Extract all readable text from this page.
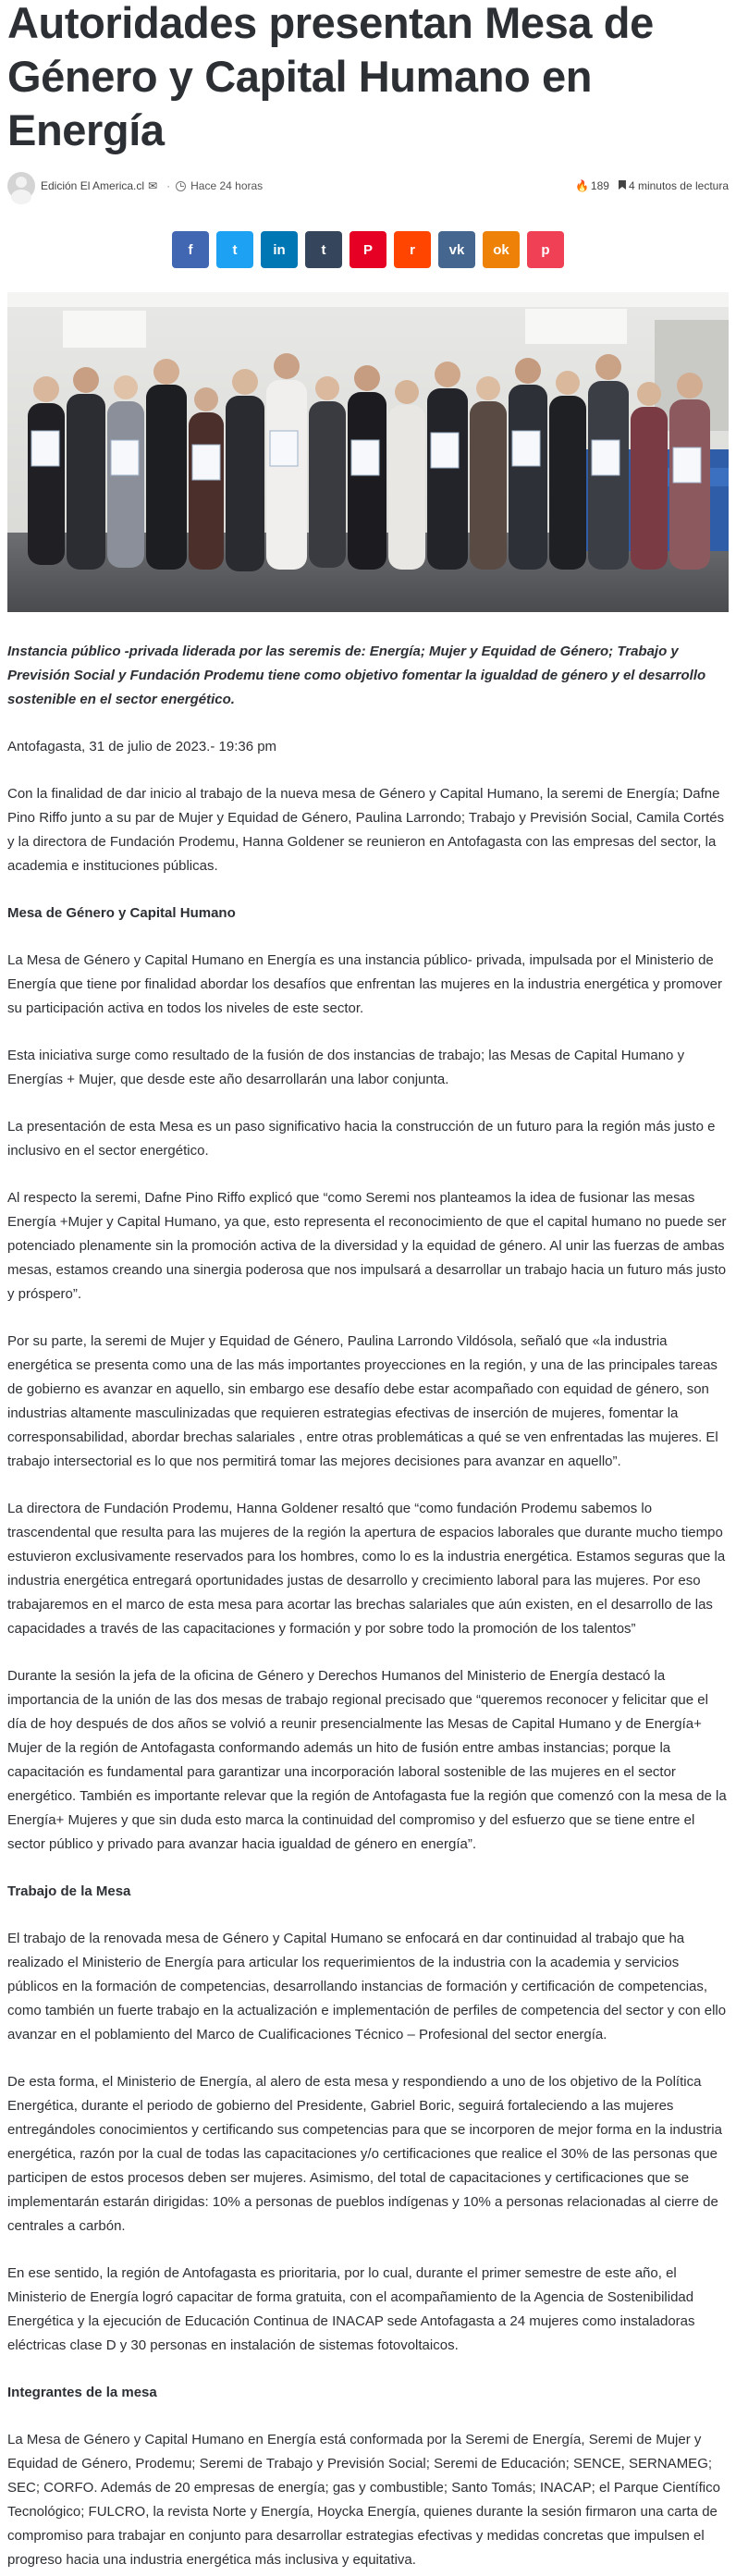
Autoridades presentan Mesa de Género y Capital Humano en Energía
Edición El America.cl ✉ · Hace 24 horas	🔥 189	4 minutos de lectura
f	t	in	t	P	r vk ok p

Instancia público -privada liderada por las seremis de: Energía; Mujer y Equidad de Género; Trabajo y Previsión Social y Fundación Prodemu tiene como objetivo fomentar la igualdad de género y el desarrollo sostenible en el sector energético.

Antofagasta, 31 de julio de 2023.- 19:36 pm

Con la finalidad de dar inicio al trabajo de la nueva mesa de Género y Capital Humano, la seremi de Energía; Dafne Pino Riffo junto a su par de Mujer y Equidad de Género, Paulina Larrondo; Trabajo y Previsión Social, Camila Cortés y la directora de Fundación Prodemu, Hanna Goldener se reunieron en Antofagasta con las empresas del sector, la academia e instituciones públicas.

Mesa de Género y Capital Humano

La Mesa de Género y Capital Humano en Energía es una instancia público- privada, impulsada por el Ministerio de Energía que tiene por finalidad abordar los desafíos que enfrentan las mujeres en la industria energética y promover su participación activa en todos los niveles de este sector.

Esta iniciativa surge como resultado de la fusión de dos instancias de trabajo; las Mesas de Capital Humano y Energías + Mujer, que desde este año desarrollarán una labor conjunta.

La presentación de esta Mesa es un paso significativo hacia la construcción de un futuro para la región más justo e inclusivo en el sector energético.

Al respecto la seremi, Dafne Pino Riffo explicó que “como Seremi nos planteamos la idea de fusionar las mesas Energía +Mujer y Capital Humano, ya que, esto representa el reconocimiento de que el capital humano no puede ser potenciado plenamente sin la promoción activa de la diversidad y la equidad de género. Al unir las fuerzas de ambas mesas, estamos creando una sinergia poderosa que nos impulsará a desarrollar un trabajo hacia un futuro más justo y próspero”.

Por su parte, la seremi de Mujer y Equidad de Género, Paulina Larrondo Vildósola, señaló que «la industria energética se presenta como una de las más importantes proyecciones en la región, y una de las principales tareas de gobierno es avanzar en aquello, sin embargo ese desafío debe estar acompañado con equidad de género, son industrias altamente masculinizadas que requieren estrategias efectivas de inserción de mujeres, fomentar la corresponsabilidad, abordar brechas salariales , entre otras problemáticas a qué se ven enfrentadas las mujeres. El trabajo intersectorial es lo que nos permitirá tomar las mejores decisiones para avanzar en aquello”.

La directora de Fundación Prodemu, Hanna Goldener resaltó que “como fundación Prodemu sabemos lo trascendental que resulta para las mujeres de la región la apertura de espacios laborales que durante mucho tiempo estuvieron exclusivamente reservados para los hombres, como lo es la industria energética. Estamos seguras que la industria energética entregará oportunidades justas de desarrollo y crecimiento laboral para las mujeres. Por eso trabajaremos en el marco de esta mesa para acortar las brechas salariales que aún existen, en el desarrollo de las capacidades a través de las capacitaciones y formación y por sobre todo la promoción de los talentos”

Durante la sesión la jefa de la oficina de Género y Derechos Humanos del Ministerio de Energía destacó la importancia de la unión de las dos mesas de trabajo regional precisado que “queremos reconocer y felicitar que el día de hoy después de dos años se volvió a reunir presencialmente las Mesas de Capital Humano y de Energía+ Mujer de la región de Antofagasta conformando además un hito de fusión entre ambas instancias; porque la capacitación es fundamental para garantizar una incorporación laboral sostenible de las mujeres en el sector energético. También es importante relevar que la región de Antofagasta fue la región que comenzó con la mesa de la Energía+ Mujeres y que sin duda esto marca la continuidad del compromiso y del esfuerzo que se tiene entre el sector público y privado para avanzar hacia igualdad de género en energía”.

Trabajo de la Mesa

El trabajo de la renovada mesa de Género y Capital Humano se enfocará en dar continuidad al trabajo que ha realizado el Ministerio de Energía para articular los requerimientos de la industria con la academia y servicios públicos en la formación de competencias, desarrollando instancias de formación y certificación de competencias, como también un fuerte trabajo en la actualización e implementación de perfiles de competencia del sector y con ello avanzar en el poblamiento del Marco de Cualificaciones Técnico – Profesional del sector energía.

De esta forma, el Ministerio de Energía, al alero de esta mesa y respondiendo a uno de los objetivo de la Política Energética, durante el periodo de gobierno del Presidente, Gabriel Boric, seguirá fortaleciendo a las mujeres entregándoles conocimientos y certificando sus competencias para que se incorporen de mejor forma en la industria energética, razón por la cual de todas las capacitaciones y/o certificaciones que realice el 30% de las personas que participen de estos procesos deben ser mujeres. Asimismo, del total de capacitaciones y certificaciones que se implementarán estarán dirigidas: 10% a personas de pueblos indígenas y 10% a personas relacionadas al cierre de centrales a carbón.

En ese sentido, la región de Antofagasta es prioritaria, por lo cual, durante el primer semestre de este año, el Ministerio de Energía logró capacitar de forma gratuita, con el acompañamiento de la Agencia de Sostenibilidad Energética y la ejecución de Educación Continua de INACAP sede Antofagasta a 24 mujeres como instaladoras eléctricas clase D y 30 personas en instalación de sistemas fotovoltaicos.

Integrantes de la mesa

La Mesa de Género y Capital Humano en Energía está conformada por la Seremi de Energía, Seremi de Mujer y Equidad de Género, Prodemu; Seremi de Trabajo y Previsión Social; Seremi de Educación; SENCE, SERNAMEG; SEC; CORFO. Además de 20 empresas de energía; gas y combustible; Santo Tomás; INACAP; el Parque Científico Tecnológico; FULCRO, la revista Norte y Energía, Hoycka Energía, quienes durante la sesión firmaron una carta de compromiso para trabajar en conjunto para desarrollar estrategias efectivas y medidas concretas que impulsen el progreso hacia una industria energética más inclusiva y equitativa.
